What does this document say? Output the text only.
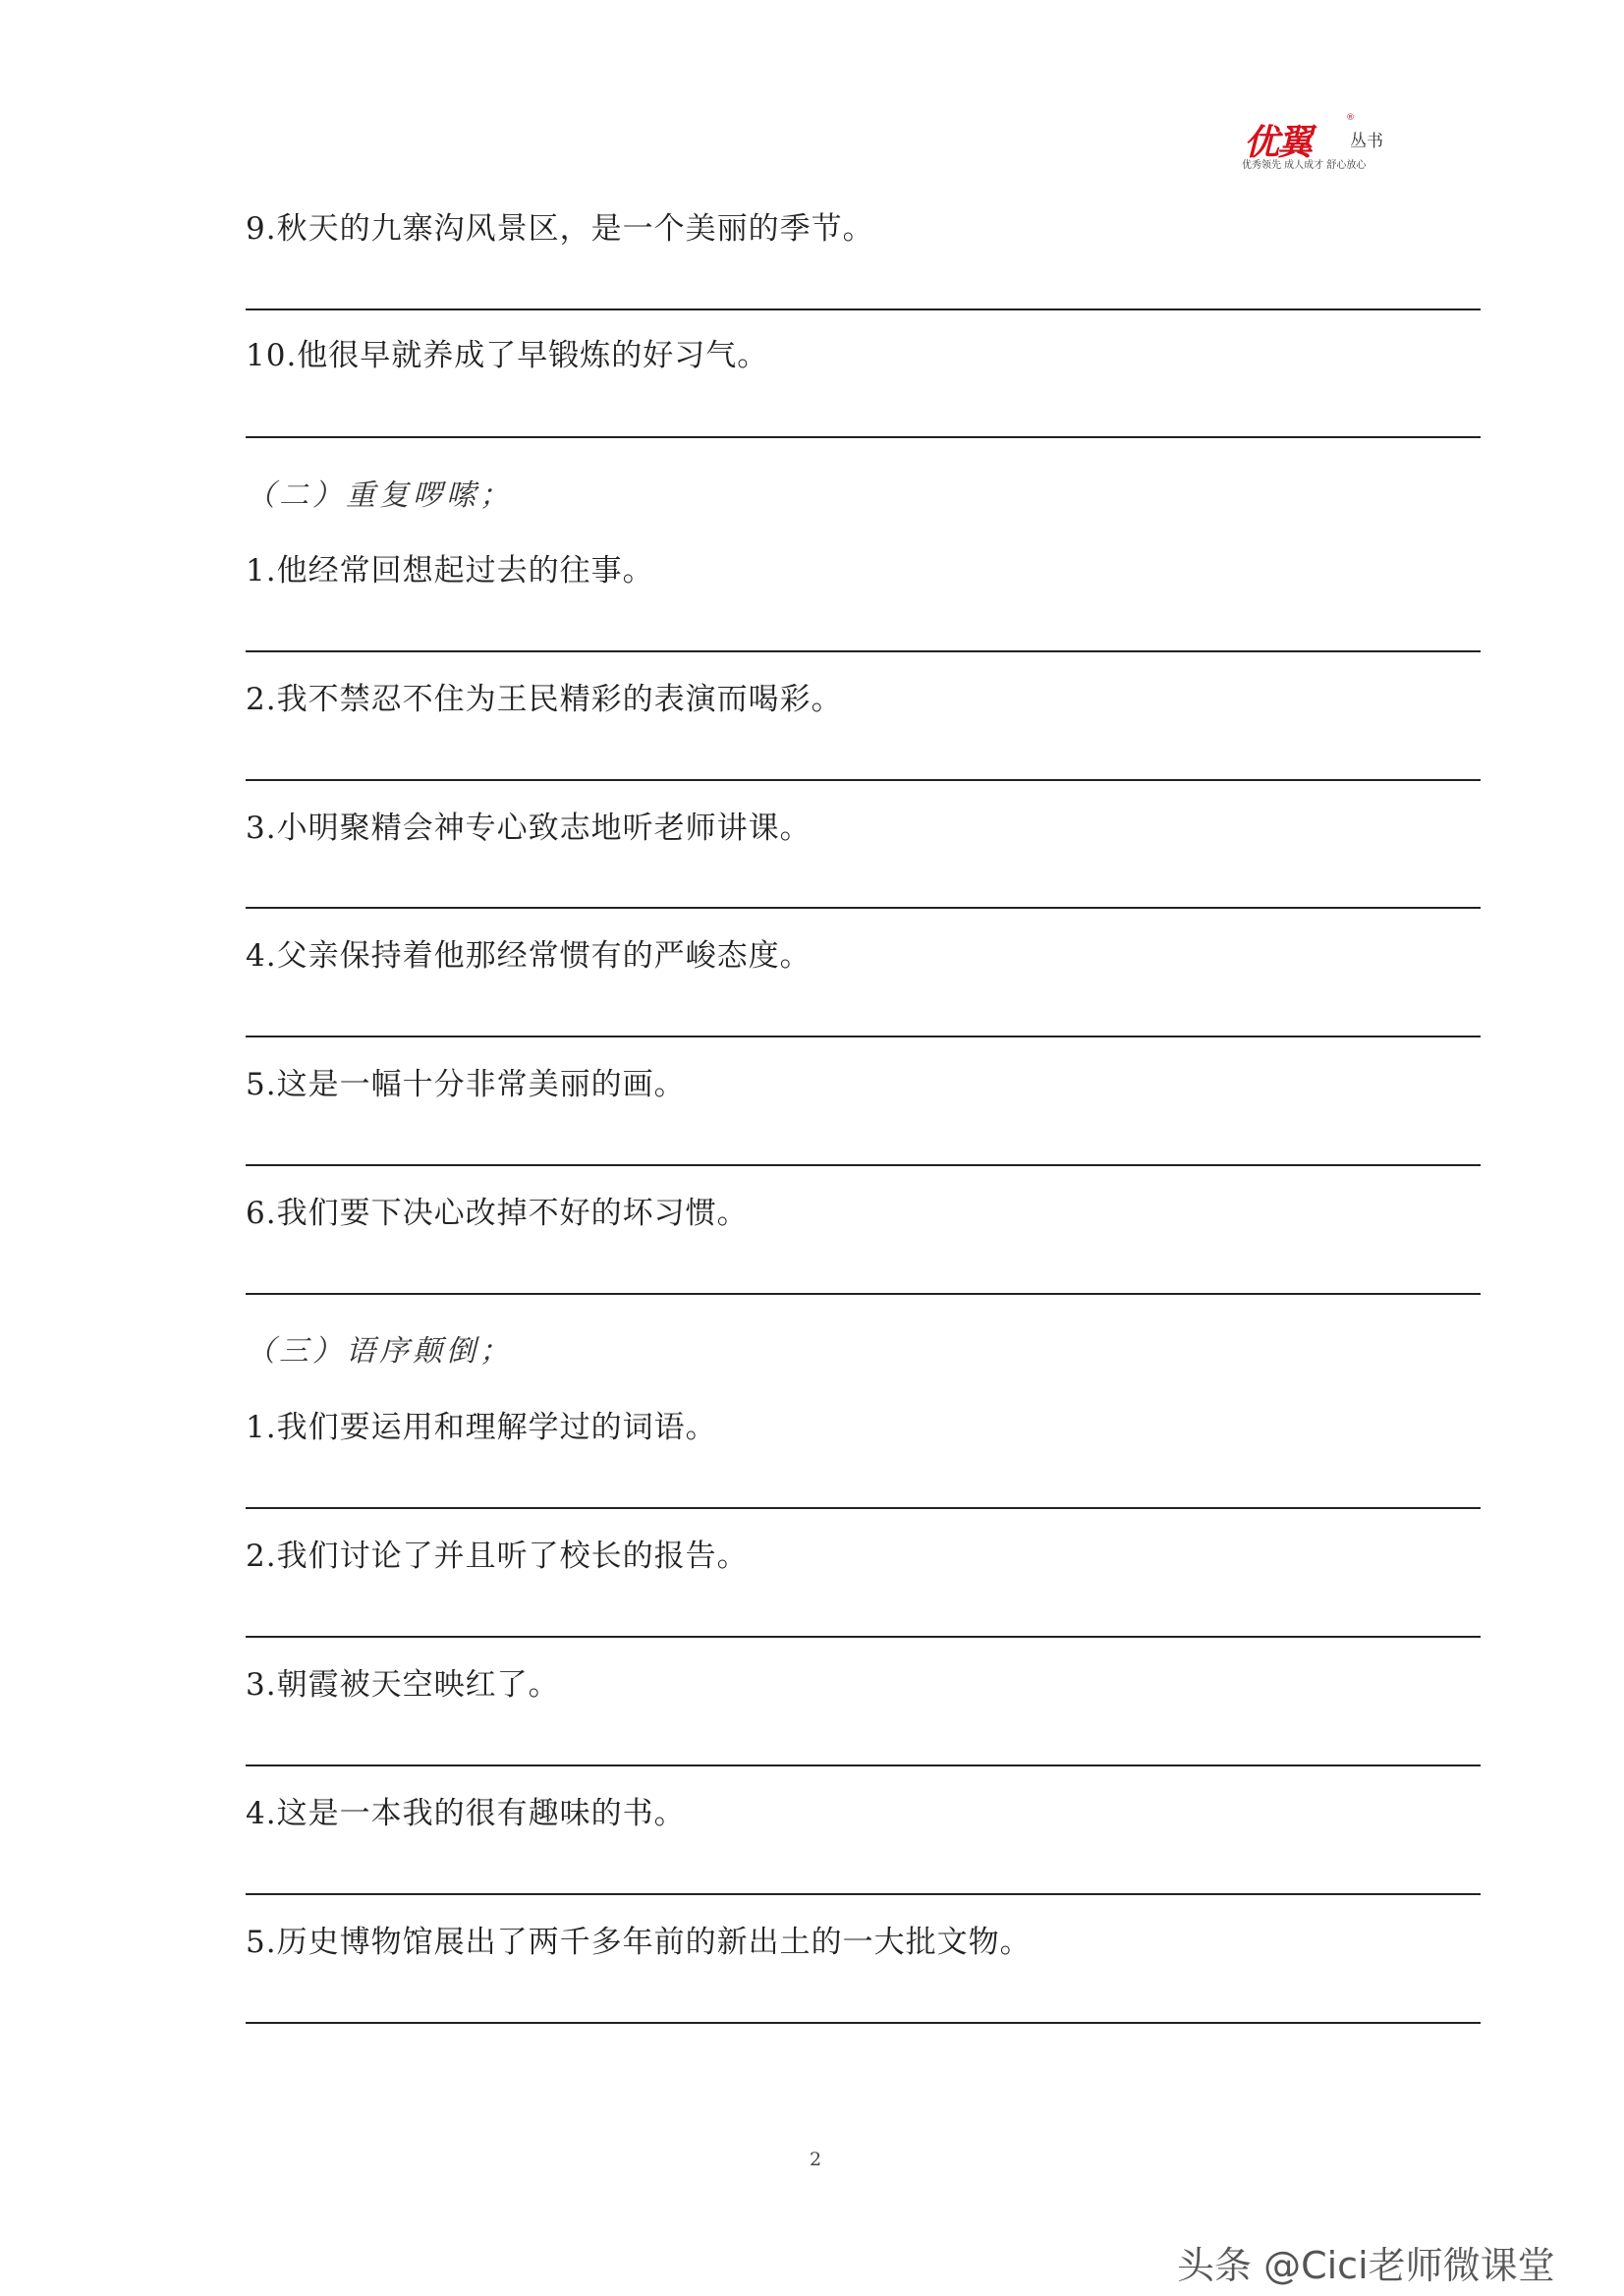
优翼
®
丛书
优秀领先 成人成才 舒心放心
9.秋天的九寨沟风景区，是一个美丽的季节。
10.他很早就养成了早锻炼的好习气。
（二）重复啰嗦；
1.他经常回想起过去的往事。
2.我不禁忍不住为王民精彩的表演而喝彩。
3.小明聚精会神专心致志地听老师讲课。
4.父亲保持着他那经常惯有的严峻态度。
5.这是一幅十分非常美丽的画。
6.我们要下决心改掉不好的坏习惯。
（三）语序颠倒；
1.我们要运用和理解学过的词语。
2.我们讨论了并且听了校长的报告。
3.朝霞被天空映红了。
4.这是一本我的很有趣味的书。
5.历史博物馆展出了两千多年前的新出土的一大批文物。
2
头条 @Cici老师微课堂
